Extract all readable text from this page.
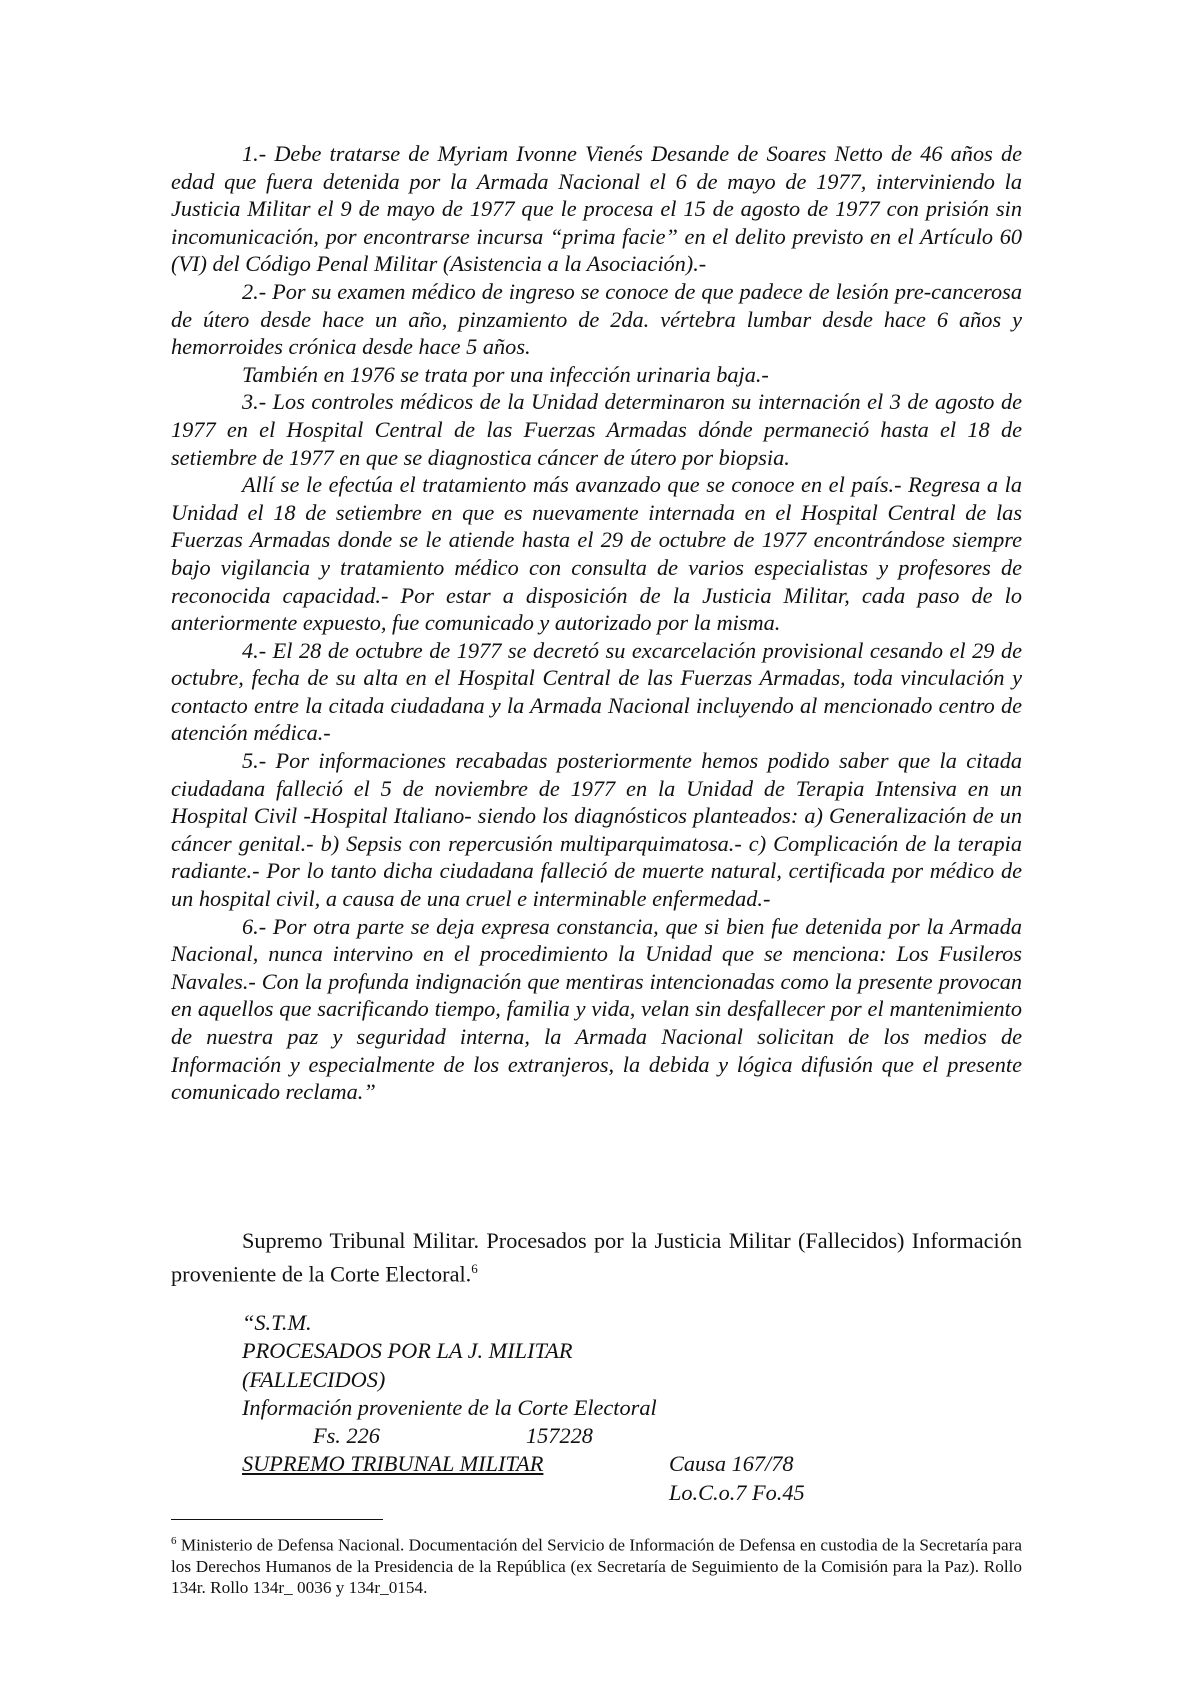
1.- Debe tratarse de Myriam Ivonne Vienés Desande de Soares Netto de 46 años de edad que fuera detenida por la Armada Nacional el 6 de mayo de 1977, interviniendo la Justicia Militar el 9 de mayo de 1977 que le procesa el 15 de agosto de 1977 con prisión sin incomunicación, por encontrarse incursa “prima facie” en el delito previsto en el Artículo 60 (VI) del Código Penal Militar (Asistencia a la Asociación).-

2.- Por su examen médico de ingreso se conoce de que padece de lesión pre-cancerosa de útero desde hace un año, pinzamiento de 2da. vértebra lumbar desde hace 6 años y hemorroides crónica desde hace 5 años.

También en 1976 se trata por una infección urinaria baja.-

3.- Los controles médicos de la Unidad determinaron su internación el 3 de agosto de 1977 en el Hospital Central de las Fuerzas Armadas dónde permaneció hasta el 18 de setiembre de 1977 en que se diagnostica cáncer de útero por biopsia.

Allí se le efectúa el tratamiento más avanzado que se conoce en el país.- Regresa a la Unidad el 18 de setiembre en que es nuevamente internada en el Hospital Central de las Fuerzas Armadas donde se le atiende hasta el 29 de octubre de 1977 encontrándose siempre bajo vigilancia y tratamiento médico con consulta de varios especialistas y profesores de reconocida capacidad.- Por estar a disposición de la Justicia Militar, cada paso de lo anteriormente expuesto, fue comunicado y autorizado por la misma.

4.- El 28 de octubre de 1977 se decretó su excarcelación provisional cesando el 29 de octubre, fecha de su alta en el Hospital Central de las Fuerzas Armadas, toda vinculación y contacto entre la citada ciudadana y la Armada Nacional incluyendo al mencionado centro de atención médica.-

5.- Por informaciones recabadas posteriormente hemos podido saber que la citada ciudadana falleció el 5 de noviembre de 1977 en la Unidad de Terapia Intensiva en un Hospital Civil -Hospital Italiano- siendo los diagnósticos planteados: a) Generalización de un cáncer genital.- b) Sepsis con repercusión multiparquimatosa.- c) Complicación de la terapia radiante.- Por lo tanto dicha ciudadana falleció de muerte natural, certificada por médico de un hospital civil, a causa de una cruel e interminable enfermedad.-

6.- Por otra parte se deja expresa constancia, que si bien fue detenida por la Armada Nacional, nunca intervino en el procedimiento la Unidad que se menciona: Los Fusileros Navales.- Con la profunda indignación que mentiras intencionadas como la presente provocan en aquellos que sacrificando tiempo, familia y vida, velan sin desfallecer por el mantenimiento de nuestra paz y seguridad interna, la Armada Nacional solicitan de los medios de Información y especialmente de los extranjeros, la debida y lógica difusión que el presente comunicado reclama.”

Supremo Tribunal Militar. Procesados por la Justicia Militar (Fallecidos) Información proveniente de la Corte Electoral.$^6$
“S.T.M.
PROCESADOS POR LA J. MILITAR
(FALLECIDOS)
Información proveniente de la Corte Electoral
Fs. 226	157228
SUPREMO TRIBUNAL MILITAR	Causa 167/78
Lo.C.o.7 Fo.45
$^6$ Ministerio de Defensa Nacional. Documentación del Servicio de Información de Defensa en custodia de la Secretaría para los Derechos Humanos de la Presidencia de la República (ex Secretaría de Seguimiento de la Comisión para la Paz). Rollo 134r. Rollo 134r_ 0036 y 134r_0154.
